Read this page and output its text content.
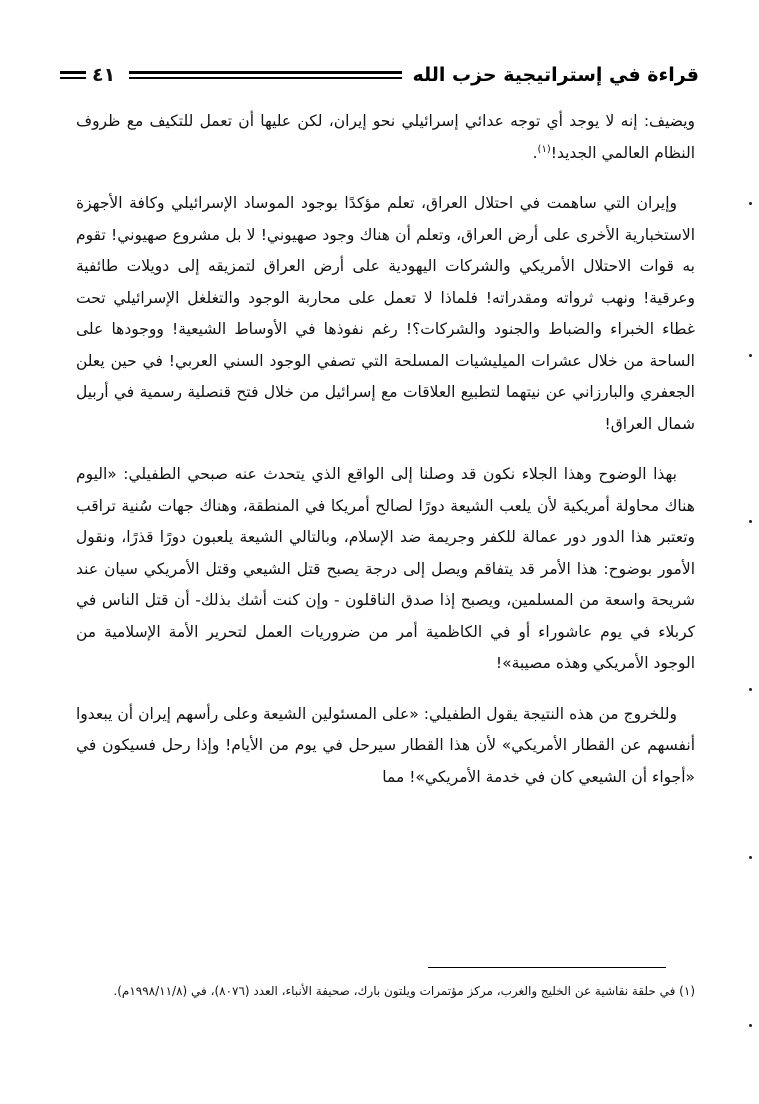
٤١	قراءة في إستراتيجية حزب الله

ويضيف: إنه لا يوجد أي توجه عدائي إسرائيلي نحو إيران، لكن عليها أن تعمل للتكيف مع ظروف النظام العالمي الجديد!$^{(١)}$.

وإيران التي ساهمت في احتلال العراق، تعلم مؤكدًا بوجود الموساد الإسرائيلي وكافة الأجهزة الاستخبارية الأخرى على أرض العراق، وتعلم أن هناك وجود صهيوني! لا بل مشروع صهيوني! تقوم به قوات الاحتلال الأمريكي والشركات اليهودية على أرض العراق لتمزيقه إلى دويلات طائفية وعرقية! ونهب ثرواته ومقدراته! فلماذا لا تعمل على محاربة الوجود والتغلغل الإسرائيلي تحت غطاء الخبراء والضباط والجنود والشركات؟! رغم نفوذها في الأوساط الشيعية! ووجودها على الساحة من خلال عشرات الميليشيات المسلحة التي تصفي الوجود السني العربي! في حين يعلن الجعفري والبارزاني عن نيتهما لتطبيع العلاقات مع إسرائيل من خلال فتح قنصلية رسمية في أربيل شمال العراق!

بهذا الوضوح وهذا الجلاء نكون قد وصلنا إلى الواقع الذي يتحدث عنه صبحي الطفيلي: «اليوم هناك محاولة أمريكية لأن يلعب الشيعة دورًا لصالح أمريكا في المنطقة، وهناك جهات سُنية تراقب وتعتبر هذا الدور دور عمالة للكفر وجريمة ضد الإسلام، وبالتالي الشيعة يلعبون دورًا قذرًا، ونقول الأمور بوضوح: هذا الأمر قد يتفاقم ويصل إلى درجة يصبح قتل الشيعي وقتل الأمريكي سيان عند شريحة واسعة من المسلمين، ويصبح إذا صدق الناقلون - وإن كنت أشك بذلك- أن قتل الناس في كربلاء في يوم عاشوراء أو في الكاظمية أمر من ضروريات العمل لتحرير الأمة الإسلامية من الوجود الأمريكي وهذه مصيبة»!

وللخروج من هذه النتيجة يقول الطفيلي: «على المسئولين الشيعة وعلى رأسهم إيران أن يبعدوا أنفسهم عن القطار الأمريكي» لأن هذا القطار سيرحل في يوم من الأيام! وإذا رحل فسيكون في «أجواء أن الشيعي كان في خدمة الأمريكي»! مما

(١) في حلقة نقاشية عن الخليج والغرب، مركز مؤتمرات ويلتون بارك، صحيفة الأنباء، العدد (٨٠٧٦)، في (١٩٩٨/١١/٨م).
